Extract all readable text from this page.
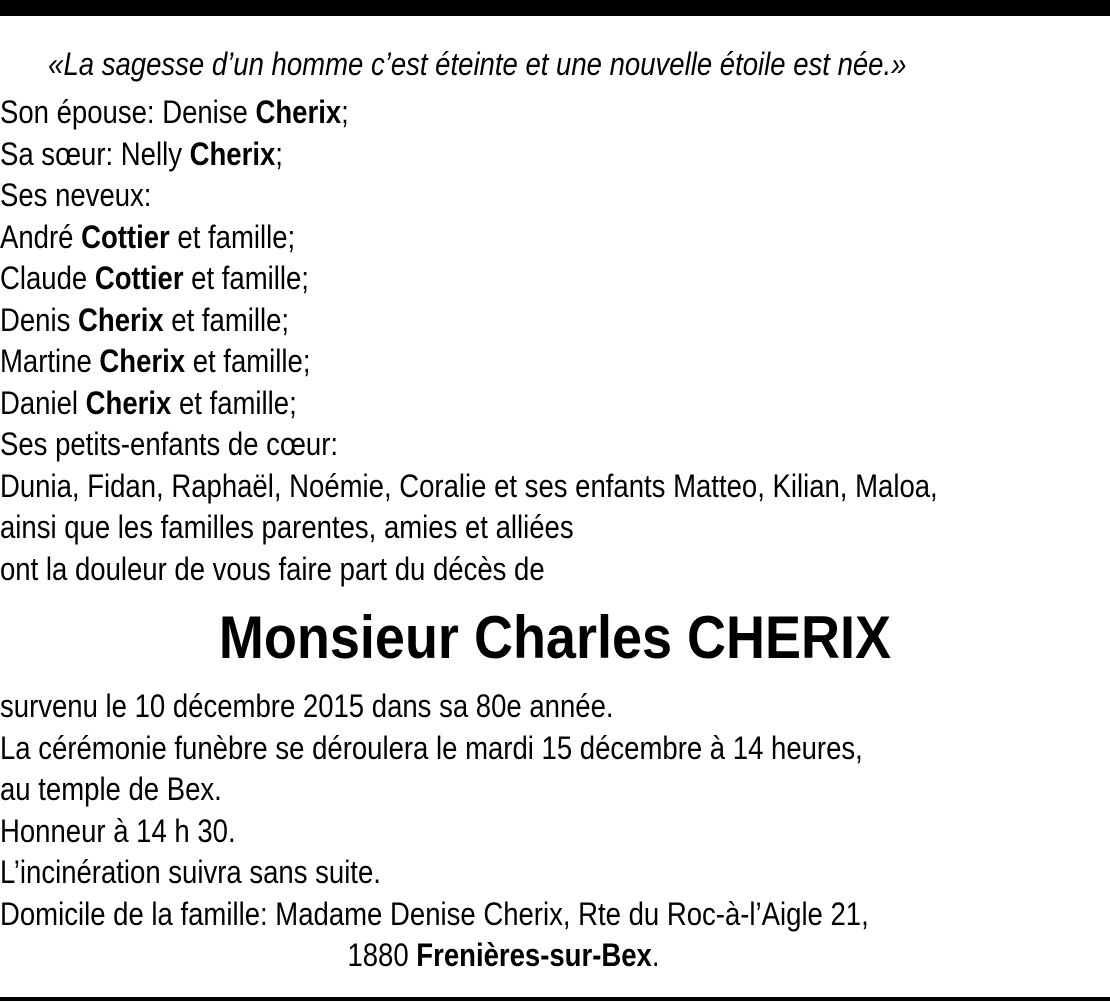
«La sagesse d’un homme c’est éteinte et une nouvelle étoile est née.»
Son épouse: Denise Cherix;
Sa sœur: Nelly Cherix;
Ses neveux:
André Cottier et famille;
Claude Cottier et famille;
Denis Cherix et famille;
Martine Cherix et famille;
Daniel Cherix et famille;
Ses petits-enfants de cœur:
Dunia, Fidan, Raphaël, Noémie, Coralie et ses enfants Matteo, Kilian, Maloa,
ainsi que les familles parentes, amies et alliées
ont la douleur de vous faire part du décès de
Monsieur Charles CHERIX
survenu le 10 décembre 2015 dans sa 80e année.
La cérémonie funèbre se déroulera le mardi 15 décembre à 14 heures,
au temple de Bex.
Honneur à 14 h 30.
L’incinération suivra sans suite.
Domicile de la famille: Madame Denise Cherix, Rte du Roc-à-l’Aigle 21,
1880 Frenières-sur-Bex.
